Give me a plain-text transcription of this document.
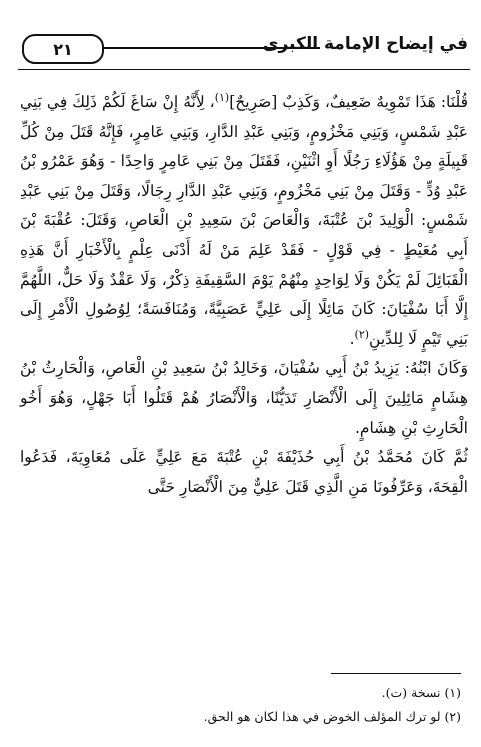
٢١	في إيضاح الإمامة الكبرى

قُلْنَا: هَذَا تَمْوِيهٌ ضَعِيفٌ، وَكَذِبٌ [صَرِيحٌ]$^{(١)}$، لِأَنَّهُ إِنْ سَاغَ لَكُمْ ذَلِكَ فِي بَنِي عَبْدِ شَمْسٍ، وَبَنِي مَخْزُومٍ، وَبَنِي عَبْدِ الدَّارِ، وَبَنِي عَامِرٍ، فَإِنَّهُ قَتَلَ مِنْ كُلِّ قَبِيلَةٍ مِنْ هَؤُلَاءِ رَجُلًا أَوِ اثْنَيْنِ، فَقَتَلَ مِنْ بَنِي عَامِرٍ وَاحِدًا - وَهُوَ عَمْرُو بْنُ عَبْدِ وُدٍّ - وَقَتَلَ مِنْ بَنِي مَخْزُومٍ، وَبَنِي عَبْدِ الدَّارِ رِجَالًا، وَقَتَلَ مِنْ بَنِي عَبْدِ شَمْسٍ: الْوَلِيدَ بْنَ عُتْبَةَ، وَالْعَاصَ بْنَ سَعِيدِ بْنِ الْعَاصِ، وَقَتَلَ: عُقْبَةَ بْنَ أَبِي مُعَيْطٍ - فِي قَوْلٍ - فَقَدْ عَلِمَ مَنْ لَهُ أَدْنَى عِلْمٍ بِالْأَخْبَارِ أَنَّ هَذِهِ الْقَبَائِلَ لَمْ يَكُنْ وَلَا لِوَاحِدٍ مِنْهُمْ يَوْمَ السَّقِيفَةِ ذِكْرٌ، وَلَا عَقْدٌ وَلَا حَلٌّ، اللَّهُمَّ إِلَّا أَبَا سُفْيَانَ: كَانَ مَائِلًا إِلَى عَلِيٍّ عَصَبِيَّةً، وَمُنَافَسَةً؛ لِوُصُولِ الْأَمْرِ إِلَى بَنِي تَيْمٍ لَا لِلدِّينِ$^{(٢)}$.

وَكَانَ ابْنُهُ: يَزِيدُ بْنُ أَبِي سُفْيَانَ، وَخَالِدُ بْنُ سَعِيدِ بْنِ الْعَاصِ، وَالْحَارِثُ بْنُ هِشَامٍ مَائِلِينَ إِلَى الْأَنْصَارِ تَدَيُّنًا، وَالْأَنْصَارُ هُمْ قَتَلُوا أَبَا جَهْلٍ، وَهُوَ أَخُو الْحَارِثِ بْنِ هِشَامٍ.

ثُمَّ كَانَ مُحَمَّدُ بْنُ أَبِي حُذَيْفَةَ بْنِ عُتْبَةَ مَعَ عَلِيٍّ عَلَى مُعَاوِيَةَ، فَدَعُوا الْقِحَةَ، وَعَرِّفُونَا مَنِ الَّذِي قَتَلَ عَلِيٌّ مِنَ الْأَنْصَارِ حَتَّى

(١) نسخة (ت).
(٢) لو ترك المؤلف الخوض في هذا لكان هو الحق.
